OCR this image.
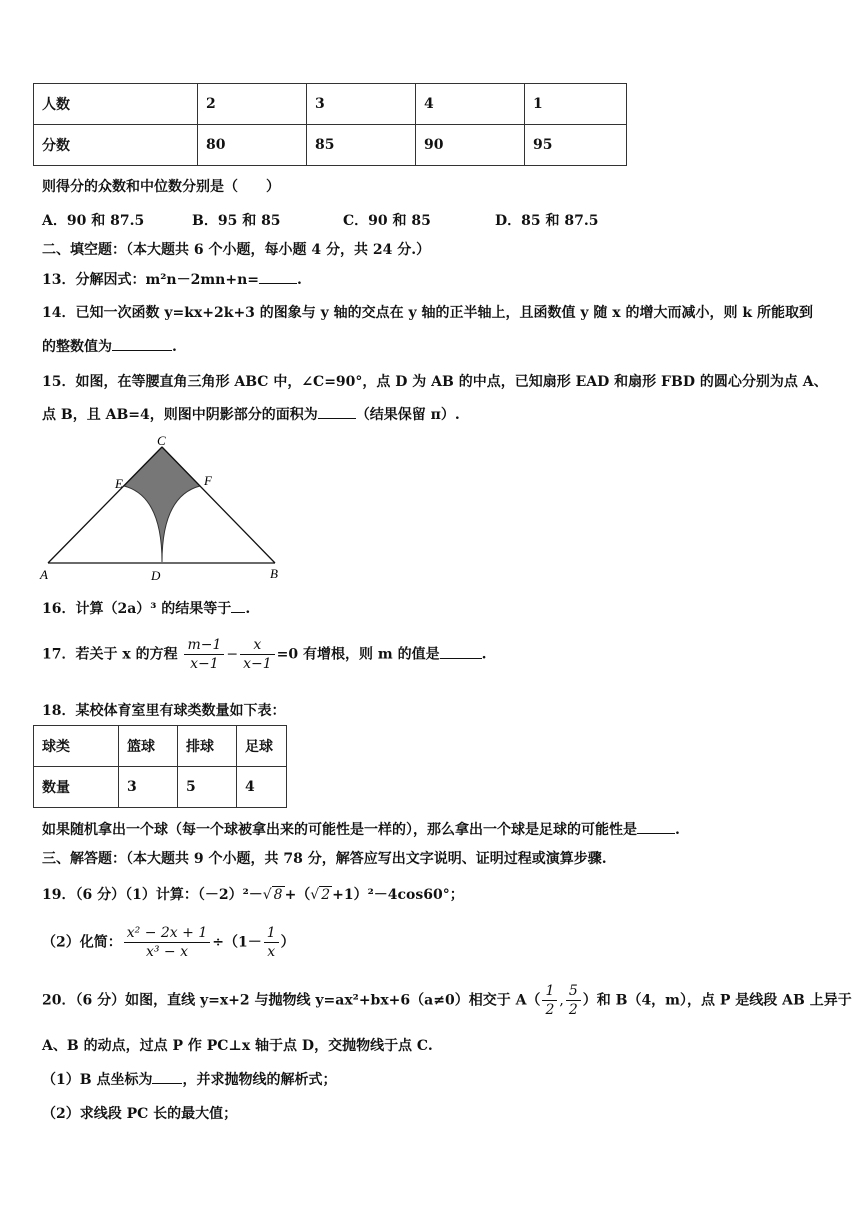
人数	2	3	4	1
分数	80	85	90	95
则得分的众数和中位数分别是（　　）
A．90 和 87.5	B．95 和 85	C．90 和 85	D．85 和 87.5
二、填空题：（本大题共 6 个小题，每小题 4 分，共 24 分.）
13．分解因式：m²n－2mn+n=	.
14．已知一次函数 y=kx+2k+3 的图象与 y 轴的交点在 y 轴的正半轴上，且函数值 y 随 x 的增大而减小，则 k 所能取到
的整数值为	.
15．如图，在等腰直角三角形 ABC 中，∠C=90°，点 D 为 AB 的中点，已知扇形 EAD 和扇形 FBD 的圆心分别为点 A、
点 B，且 AB=4，则图中阴影部分的面积为	（结果保留 π）.
C
E	F
A	D	B
16．计算（2a）³ 的结果等于 .
17．若关于 x 的方程 $\frac{m-1}{x-1} - \frac{x}{x-1} =0$ 有增根，则 m 的值是	.
18．某校体育室里有球类数量如下表：
球类	篮球	排球	足球
数量	3	5	4
如果随机拿出一个球（每一个球被拿出来的可能性是一样的），那么拿出一个球是足球的可能性是	.
三、解答题：（本大题共 9 个小题，共 78 分，解答应写出文字说明、证明过程或演算步骤.
19．（6 分）（1）计算：（－2）²－√ 8 +（√ 2 +1）²－4cos60°；
（2）化简： $\frac{\text{x² − 2x + 1}}{\text{x³ − x}} \div(1- \frac{1}{x}$ ）
20．（6 分）如图，直线 y=x+2 与抛物线 y=ax²+bx+6（a≠0）相交于 $A( \frac{1}{2}$ , $\frac{5}{2}$ ）和 B（4，m），点 P 是线段 AB 上异于
A、B 的动点，过点 P 作 PC⊥x 轴于点 D，交抛物线于点 C.
（1）B 点坐标为 ，并求抛物线的解析式；
（2）求线段 PC 长的最大值；
